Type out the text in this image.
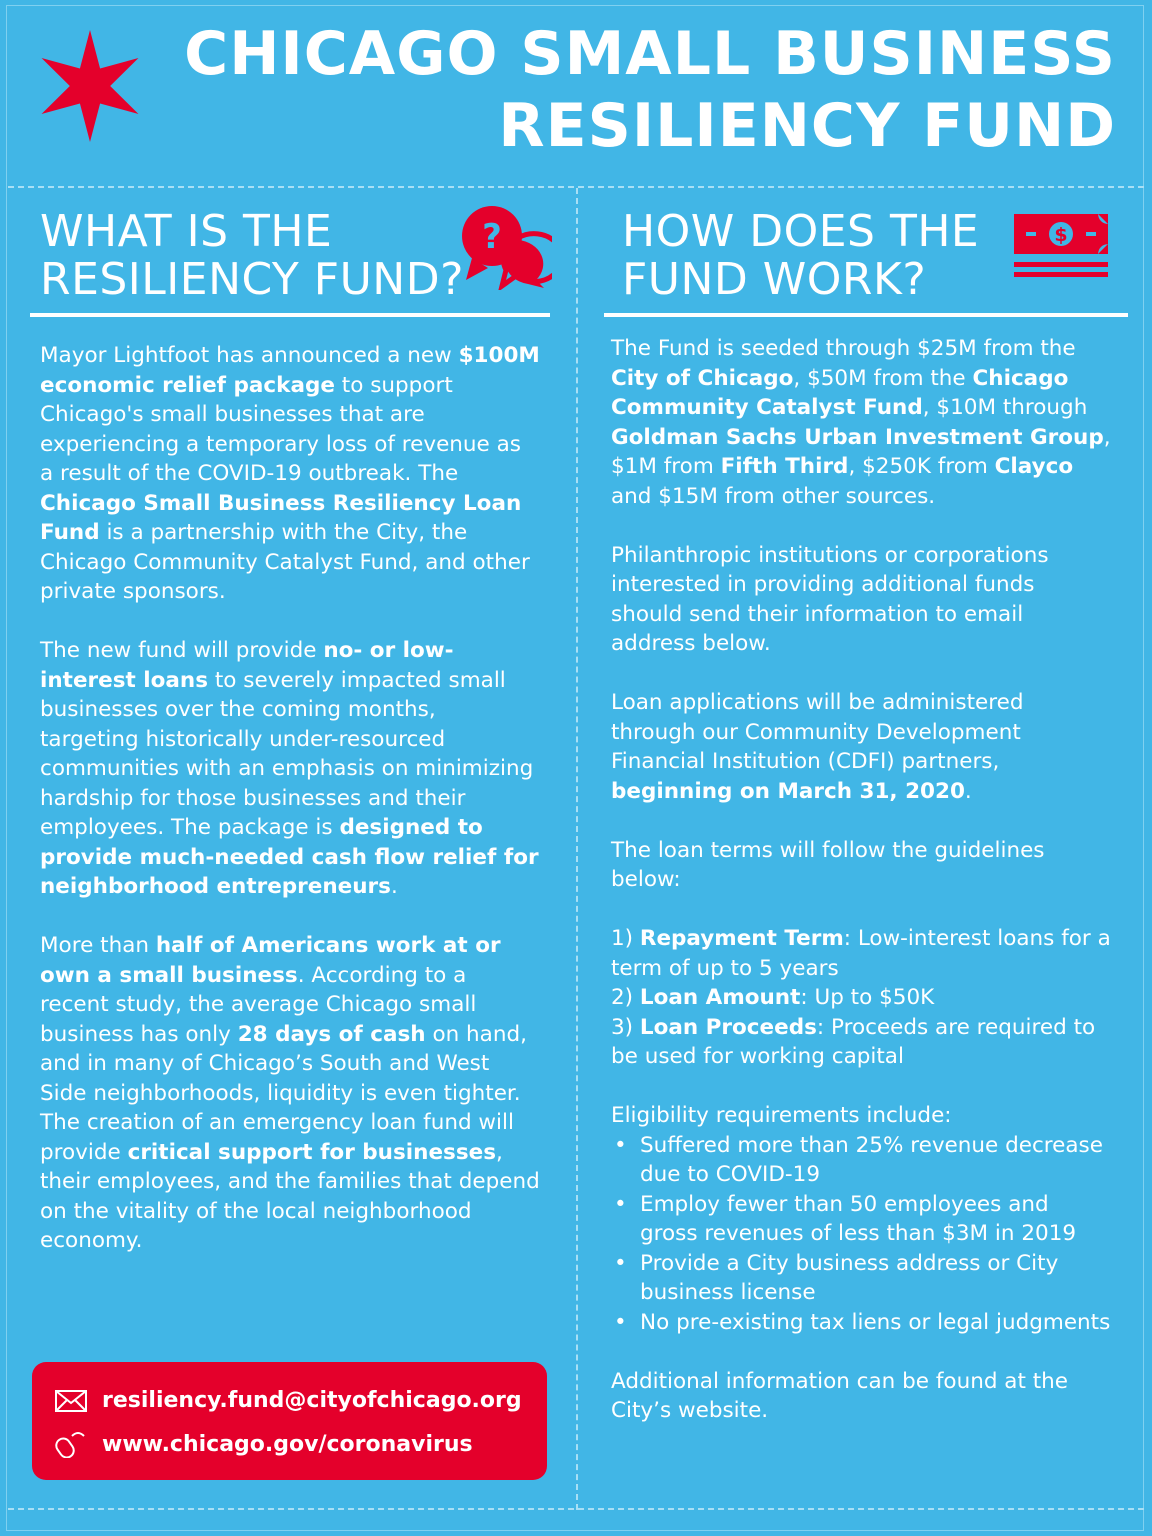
CHICAGO SMALL BUSINESS
RESILIENCY FUND
WHAT IS THE
RESILIENCY FUND?
?

Mayor Lightfoot has announced a new $100M economic relief package to support Chicago's small businesses that are experiencing a temporary loss of revenue as a result of the COVID-19 outbreak. The Chicago Small Business Resiliency Loan Fund is a partnership with the City, the Chicago Community Catalyst Fund, and other private sponsors.

The new fund will provide no- or low-interest loans to severely impacted small businesses over the coming months, targeting historically under-resourced communities with an emphasis on minimizing hardship for those businesses and their employees. The package is designed to provide much-needed cash flow relief for neighborhood entrepreneurs.

More than half of Americans work at or own a small business. According to a recent study, the average Chicago small business has only 28 days of cash on hand, and in many of Chicago’s South and West Side neighborhoods, liquidity is even tighter. The creation of an emergency loan fund will provide critical support for businesses, their employees, and the families that depend on the vitality of the local neighborhood economy.

resiliency.fund@cityofchicago.org
www.chicago.gov/coronavirus
HOW DOES THE
FUND WORK?
$

The Fund is seeded through $25M from the City of Chicago, $50M from the Chicago Community Catalyst Fund, $10M through Goldman Sachs Urban Investment Group, $1M from Fifth Third, $250K from Clayco and $15M from other sources.

Philanthropic institutions or corporations interested in providing additional funds should send their information to email address below.

Loan applications will be administered through our Community Development Financial Institution (CDFI) partners, beginning on March 31, 2020.

The loan terms will follow the guidelines below:

1) Repayment Term: Low-interest loans for a term of up to 5 years
2) Loan Amount: Up to $50K
3) Loan Proceeds: Proceeds are required to be used for working capital

Eligibility requirements include:
• Suffered more than 25% revenue decrease due to COVID-19
• Employ fewer than 50 employees and gross revenues of less than $3M in 2019
• Provide a City business address or City business license
• No pre-existing tax liens or legal judgments

Additional information can be found at the City’s website.
